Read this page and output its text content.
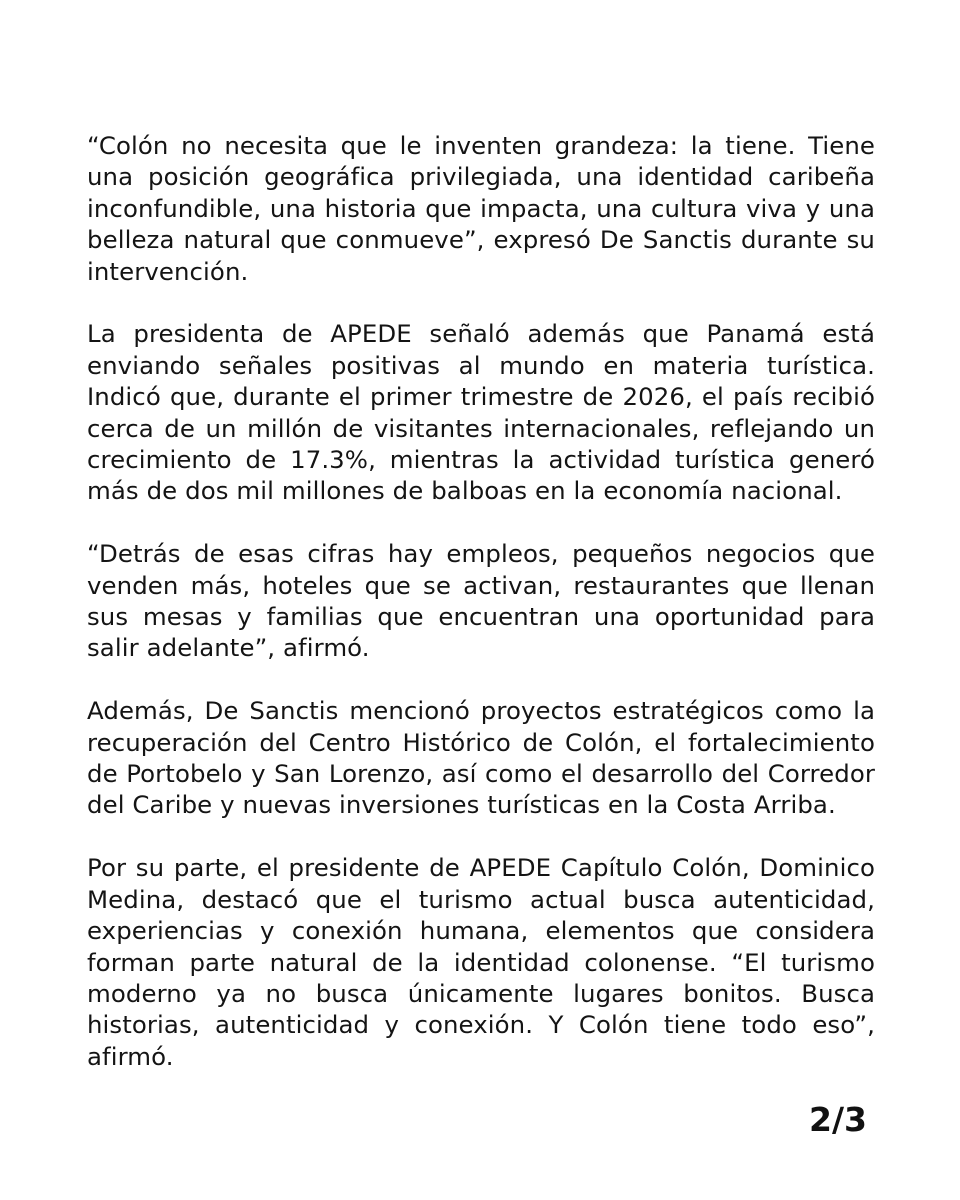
“Colón no necesita que le inventen grandeza: la tiene. Tiene una posición geográfica privilegiada, una identidad caribeña inconfundible, una historia que impacta, una cultura viva y una belleza natural que conmueve”, expresó De Sanctis durante su intervención.

La presidenta de APEDE señaló además que Panamá está enviando señales positivas al mundo en materia turística. Indicó que, durante el primer trimestre de 2026, el país recibió cerca de un millón de visitantes internacionales, reflejando un crecimiento de 17.3%, mientras la actividad turística generó más de dos mil millones de balboas en la economía nacional.

“Detrás de esas cifras hay empleos, pequeños negocios que venden más, hoteles que se activan, restaurantes que llenan sus mesas y familias que encuentran una oportunidad para salir adelante”, afirmó.

Además, De Sanctis mencionó proyectos estratégicos como la recuperación del Centro Histórico de Colón, el fortalecimiento de Portobelo y San Lorenzo, así como el desarrollo del Corredor del Caribe y nuevas inversiones turísticas en la Costa Arriba.

Por su parte, el presidente de APEDE Capítulo Colón, Dominico Medina, destacó que el turismo actual busca autenticidad, experiencias y conexión humana, elementos que considera forman parte natural de la identidad colonense. “El turismo moderno ya no busca únicamente lugares bonitos. Busca historias, autenticidad y conexión. Y Colón tiene todo eso”, afirmó.

2/3
